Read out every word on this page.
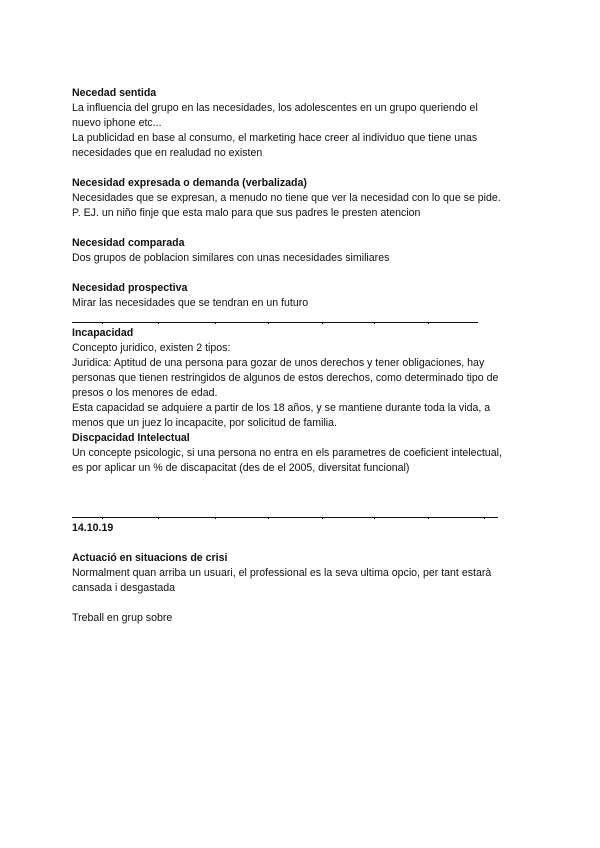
Necedad sentida

La influencia del grupo en las necesidades, los adolescentes en un grupo queriendo el

nuevo iphone etc...

La publicidad en base al consumo, el marketing hace creer al individuo que tiene unas

necesidades que en realudad no existen

Necesidad expresada o demanda (verbalizada)

Necesidades que se expresan, a menudo no tiene que ver la necesidad con lo que se pide.

P. EJ. un niño finje que esta malo para que sus padres le presten atencion

Necesidad comparada

Dos grupos de poblacion similares con unas necesidades similiares

Necesidad prospectiva

Mirar las necesidades que se tendran en un futuro

Incapacidad

Concepto juridico, existen 2 tipos:

Juridica: Aptitud de una persona para gozar de unos derechos y tener obligaciones, hay

personas que tienen restringidos de algunos de estos derechos, como determinado tipo de

presos o los menores de edad.

Esta capacidad se adquiere a partir de los 18 años, y se mantiene durante toda la vida, a

menos que un juez lo incapacite, por solicitud de familia.

Discpacidad Intelectual

Un concepte psicologic, si una persona no entra en els parametres de coeficient intelectual,

es por aplicar un % de discapacitat (des de el 2005, diversitat funcional)

14.10.19

Actuació en situacions de crisi

Normalment quan arriba un usuari, el professional es la seva ultima opcio, per tant estarà

cansada i desgastada

Treball en grup sobre
